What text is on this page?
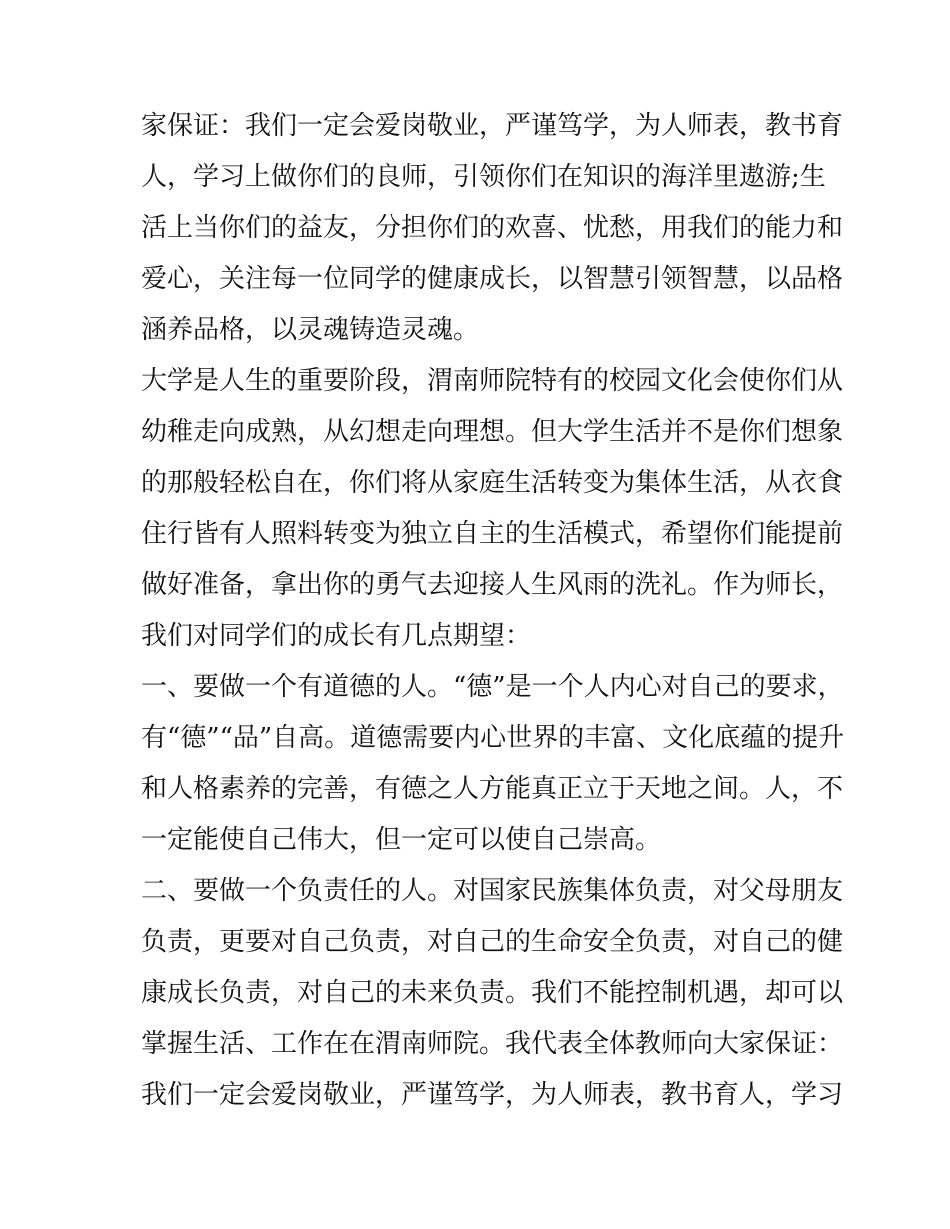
家保证：我们一定会爱岗敬业，严谨笃学，为人师表，教书育
人，学习上做你们的良师，引领你们在知识的海洋里遨游;生
活上当你们的益友，分担你们的欢喜、忧愁，用我们的能力和
爱心，关注每一位同学的健康成长，以智慧引领智慧，以品格
涵养品格，以灵魂铸造灵魂。
大学是人生的重要阶段，渭南师院特有的校园文化会使你们从
幼稚走向成熟，从幻想走向理想。但大学生活并不是你们想象
的那般轻松自在，你们将从家庭生活转变为集体生活，从衣食
住行皆有人照料转变为独立自主的生活模式，希望你们能提前
做好准备，拿出你的勇气去迎接人生风雨的洗礼。作为师长，
我们对同学们的成长有几点期望：
一、要做一个有道德的人。“德”是一个人内心对自己的要求，
有“德”“品”自高。道德需要内心世界的丰富、文化底蕴的提升
和人格素养的完善，有德之人方能真正立于天地之间。人，不
一定能使自己伟大，但一定可以使自己崇高。
二、要做一个负责任的人。对国家民族集体负责，对父母朋友
负责，更要对自己负责，对自己的生命安全负责，对自己的健
康成长负责，对自己的未来负责。我们不能控制机遇，却可以
掌握生活、工作在在渭南师院。我代表全体教师向大家保证：
我们一定会爱岗敬业，严谨笃学，为人师表，教书育人，学习
